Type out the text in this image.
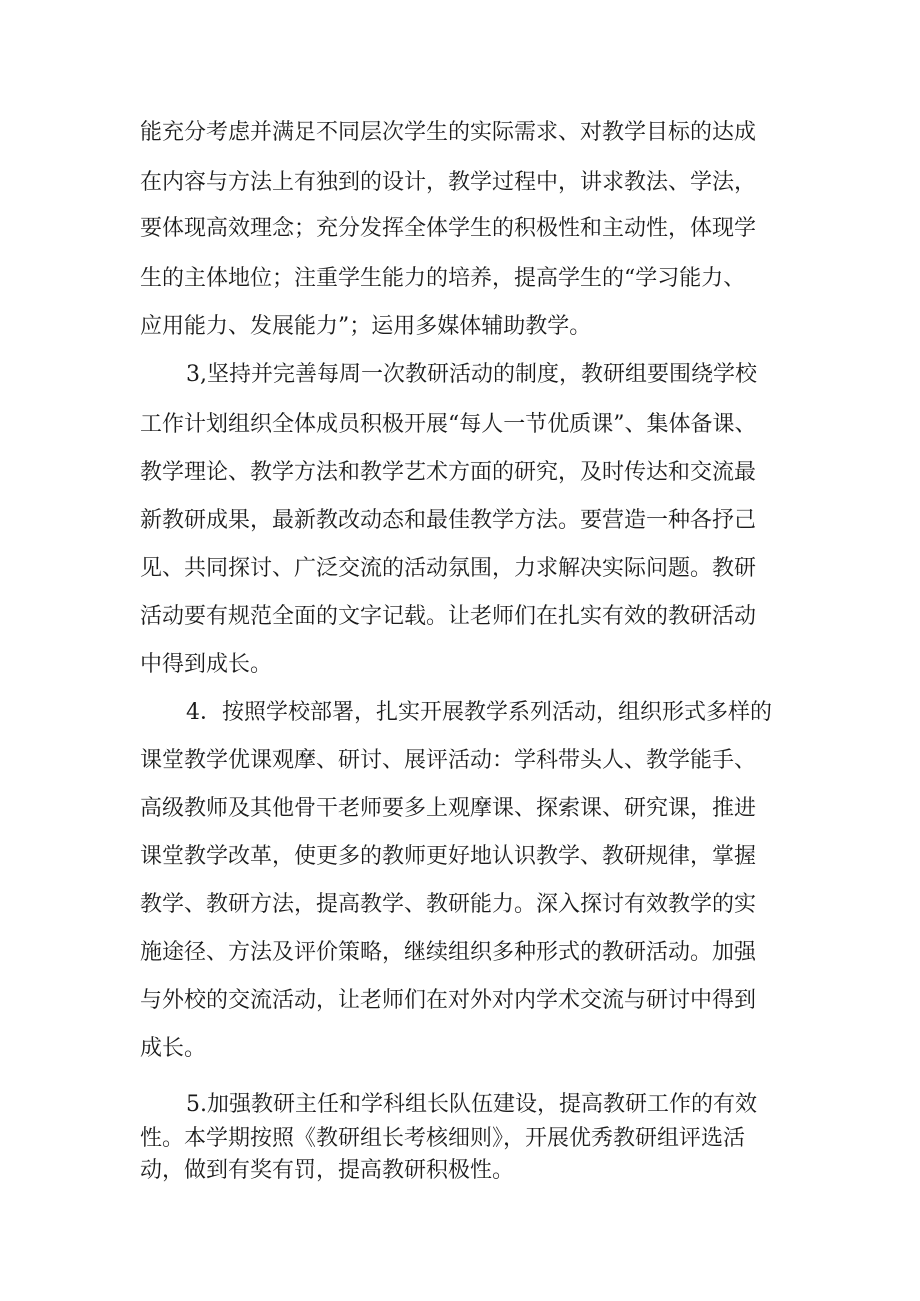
能充分考虑并满足不同层次学生的实际需求、对教学目标的达成

在内容与方法上有独到的设计，教学过程中，讲求教法、学法，

要体现高效理念；充分发挥全体学生的积极性和主动性，体现学

生的主体地位；注重学生能力的培养，提高学生的“学习能力、

应用能力、发展能力”；运用多媒体辅助教学。

3,坚持并完善每周一次教研活动的制度，教研组要围绕学校

工作计划组织全体成员积极开展“每人一节优质课”、集体备课、

教学理论、教学方法和教学艺术方面的研究，及时传达和交流最

新教研成果，最新教改动态和最佳教学方法。要营造一种各抒己

见、共同探讨、广泛交流的活动氛围，力求解决实际问题。教研

活动要有规范全面的文字记载。让老师们在扎实有效的教研活动

中得到成长。

4．按照学校部署，扎实开展教学系列活动，组织形式多样的

课堂教学优课观摩、研讨、展评活动：学科带头人、教学能手、

高级教师及其他骨干老师要多上观摩课、探索课、研究课，推进

课堂教学改革，使更多的教师更好地认识教学、教研规律，掌握

教学、教研方法，提高教学、教研能力。深入探讨有效教学的实

施途径、方法及评价策略，继续组织多种形式的教研活动。加强

与外校的交流活动，让老师们在对外对内学术交流与研讨中得到

成长。

5.加强教研主任和学科组长队伍建设，提高教研工作的有效

性。本学期按照《教研组长考核细则》，开展优秀教研组评选活

动，做到有奖有罚，提高教研积极性。
